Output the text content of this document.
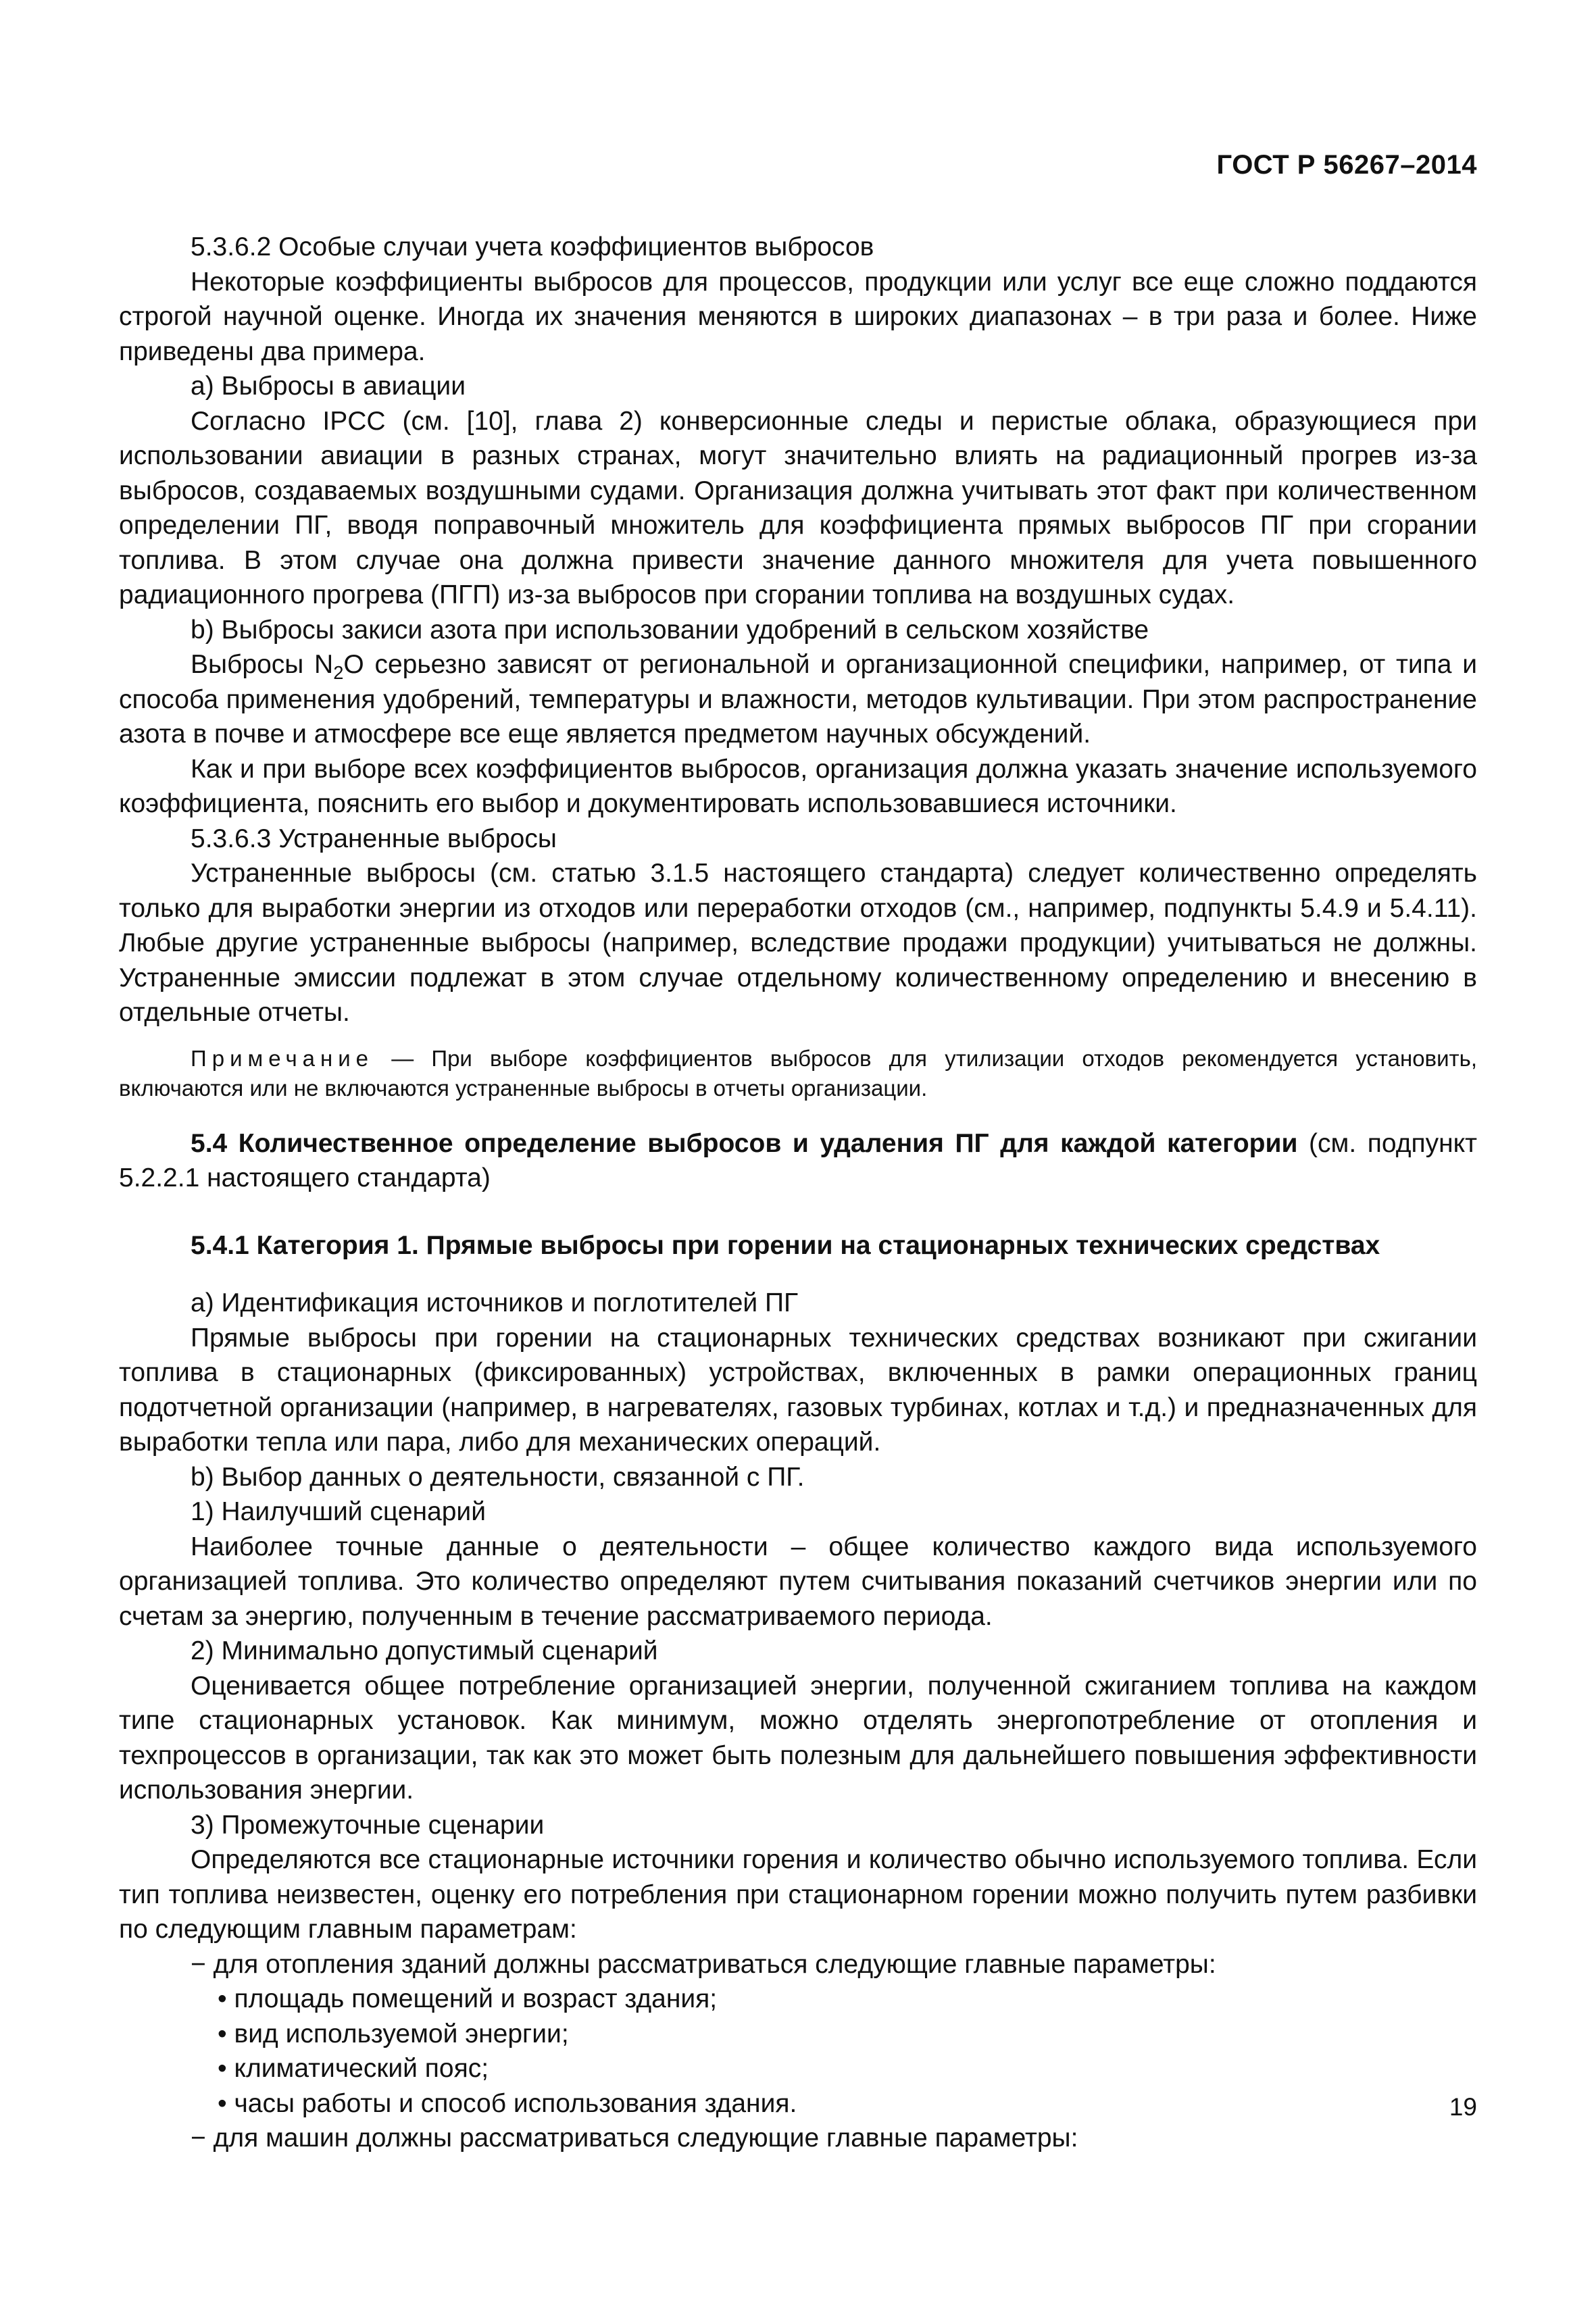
ГОСТ Р 56267–2014

5.3.6.2 Особые случаи учета коэффициентов выбросов

Некоторые коэффициенты выбросов для процессов, продукции или услуг все еще сложно поддаются строгой научной оценке. Иногда их значения меняются в широких диапазонах – в три раза и более. Ниже приведены два примера.

a) Выбросы в авиации

Согласно IPCC (см. [10], глава 2) конверсионные следы и перистые облака, образующиеся при использовании авиации в разных странах, могут значительно влиять на радиационный прогрев из-за выбросов, создаваемых воздушными судами. Организация должна учитывать этот факт при количественном определении ПГ, вводя поправочный множитель для коэффициента прямых выбросов ПГ при сгорании топлива. В этом случае она должна привести значение данного множителя для учета повышенного радиационного прогрева (ПГП) из-за выбросов при сгорании топлива на воздушных судах.

b) Выбросы закиси азота при использовании удобрений в сельском хозяйстве

Выбросы $N_2O$ серьезно зависят от региональной и организационной специфики, например, от типа и способа применения удобрений, температуры и влажности, методов культивации. При этом распространение азота в почве и атмосфере все еще является предметом научных обсуждений.

Как и при выборе всех коэффициентов выбросов, организация должна указать значение используемого коэффициента, пояснить его выбор и документировать использовавшиеся источники.

5.3.6.3 Устраненные выбросы

Устраненные выбросы (см. статью 3.1.5 настоящего стандарта) следует количественно определять только для выработки энергии из отходов или переработки отходов (см., например, подпункты 5.4.9 и 5.4.11). Любые другие устраненные выбросы (например, вследствие продажи продукции) учитываться не должны. Устраненные эмиссии подлежат в этом случае отдельному количественному определению и внесению в отдельные отчеты.

Примечание — При выборе коэффициентов выбросов для утилизации отходов рекомендуется установить, включаются или не включаются устраненные выбросы в отчеты организации.

5.4 Количественное определение выбросов и удаления ПГ для каждой категории (см. подпункт 5.2.2.1 настоящего стандарта)

5.4.1 Категория 1. Прямые выбросы при горении на стационарных технических средствах

a) Идентификация источников и поглотителей ПГ

Прямые выбросы при горении на стационарных технических средствах возникают при сжигании топлива в стационарных (фиксированных) устройствах, включенных в рамки операционных границ подотчетной организации (например, в нагревателях, газовых турбинах, котлах и т.д.) и предназначенных для выработки тепла или пара, либо для механических операций.

b) Выбор данных о деятельности, связанной с ПГ.

1) Наилучший сценарий

Наиболее точные данные о деятельности – общее количество каждого вида используемого организацией топлива. Это количество определяют путем считывания показаний счетчиков энергии или по счетам за энергию, полученным в течение рассматриваемого периода.

2) Минимально допустимый сценарий

Оценивается общее потребление организацией энергии, полученной сжиганием топлива на каждом типе стационарных установок. Как минимум, можно отделять энергопотребление от отопления и техпроцессов в организации, так как это может быть полезным для дальнейшего повышения эффективности использования энергии.

3) Промежуточные сценарии

Определяются все стационарные источники горения и количество обычно используемого топлива. Если тип топлива неизвестен, оценку его потребления при стационарном горении можно получить путем разбивки по следующим главным параметрам:

− для отопления зданий должны рассматриваться следующие главные параметры:

• площадь помещений и возраст здания;

• вид используемой энергии;

• климатический пояс;

• часы работы и способ использования здания.

− для машин должны рассматриваться следующие главные параметры:

19
